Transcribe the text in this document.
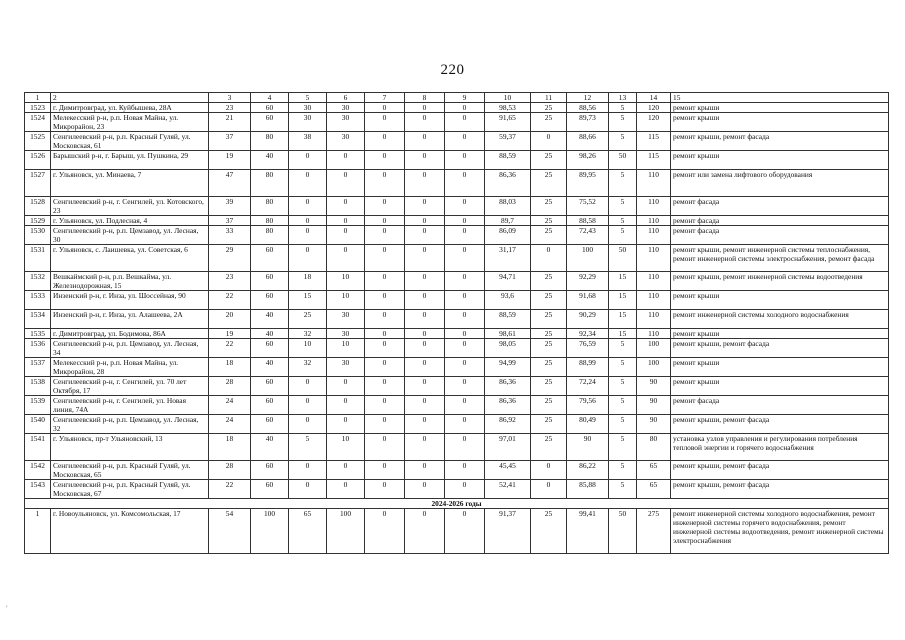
220
1	2	3	4	5	6	7	8	9	10	11	12	13	14	15
1523	г. Димитровград, ул. Куйбышева, 28А	23	60	30	30	0	0	0	98,53	25	88,56	5	120	ремонт крыши
1524	Мелекесский р-н, р.п. Новая Майна, ул. Микрорайон, 23	21	60	30	30	0	0	0	91,65	25	89,73	5	120	ремонт крыши
1525	Сенгилеевский р-н, р.п. Красный Гуляй, ул. Московская, 61	37	80	38	30	0	0	0	59,37	0	88,66	5	115	ремонт крыши, ремонт фасада
1526	Барышский р-н, г. Барыш, ул. Пушкина, 29	19	40	0	0	0	0	0	88,59	25	98,26	50	115	ремонт крыши
1527	г. Ульяновск, ул. Минаева, 7	47	80	0	0	0	0	0	86,36	25	89,95	5	110	ремонт или замена лифтового оборудования
1528	Сенгилеевский р-н, г. Сенгилей, ул. Котовского, 23	39	80	0	0	0	0	0	88,03	25	75,52	5	110	ремонт фасада
1529	г. Ульяновск, ул. Подлесная, 4	37	80	0	0	0	0	0	89,7	25	88,58	5	110	ремонт фасада
1530	Сенгилеевский р-н, р.п. Цемзавод, ул. Лесная, 30	33	80	0	0	0	0	0	86,09	25	72,43	5	110	ремонт фасада
1531	г. Ульяновск, с. Лаишевка, ул. Советская, 6	29	60	0	0	0	0	0	31,17	0	100	50	110	ремонт крыши, ремонт инженерной системы теплоснабжения, ремонт инженерной системы электроснабжения, ремонт фасада
1532	Вешкаймский р-н, р.п. Вешкайма, ул. Железнодорожная, 15	23	60	18	10	0	0	0	94,71	25	92,29	15	110	ремонт крыши, ремонт инженерной системы водоотведения
1533	Инзенский р-н, г. Инза, ул. Шоссейная, 90	22	60	15	10	0	0	0	93,6	25	91,68	15	110	ремонт крыши
1534	Инзенский р-н, г. Инза, ул. Алашеева, 2А	20	40	25	30	0	0	0	88,59	25	90,29	15	110	ремонт инженерной системы холодного водоснабжения
1535	г. Димитровград, ул. Бодимова, 86А	19	40	32	30	0	0	0	98,61	25	92,34	15	110	ремонт крыши
1536	Сенгилеевский р-н, р.п. Цемзавод, ул. Лесная, 34	22	60	10	10	0	0	0	98,05	25	76,59	5	100	ремонт крыши, ремонт фасада
1537	Мелекесский р-н, р.п. Новая Майна, ул. Микрорайон, 28	18	40	32	30	0	0	0	94,99	25	88,99	5	100	ремонт крыши
1538	Сенгилеевский р-н, г. Сенгилей, ул. 70 лет Октября, 17	28	60	0	0	0	0	0	86,36	25	72,24	5	90	ремонт крыши
1539	Сенгилеевский р-н, г. Сенгилей, ул. Новая линия, 74А	24	60	0	0	0	0	0	86,36	25	79,56	5	90	ремонт фасада
1540	Сенгилеевский р-н, р.п. Цемзавод, ул. Лесная, 32	24	60	0	0	0	0	0	86,92	25	80,49	5	90	ремонт крыши, ремонт фасада
1541	г. Ульяновск, пр-т Ульяновский, 13	18	40	5	10	0	0	0	97,01	25	90	5	80	установка узлов управления и регулирования потребления тепловой энергии и горячего водоснабжения
1542	Сенгилеевский р-н, р.п. Красный Гуляй, ул. Московская, 65	28	60	0	0	0	0	0	45,45	0	86,22	5	65	ремонт крыши, ремонт фасада
1543	Сенгилеевский р-н, р.п. Красный Гуляй, ул. Московская, 67	22	60	0	0	0	0	0	52,41	0	85,88	5	65	ремонт крыши, ремонт фасада
2024-2026 годы														
1	г. Новоульяновск, ул. Комсомольская, 17	54	100	65	100	0	0	0	91,37	25	99,41	50	275	ремонт инженерной системы холодного водоснабжения, ремонт инженерной системы горячего водоснабжения, ремонт инженерной системы водоотведения, ремонт инженерной системы электроснабжения
'
